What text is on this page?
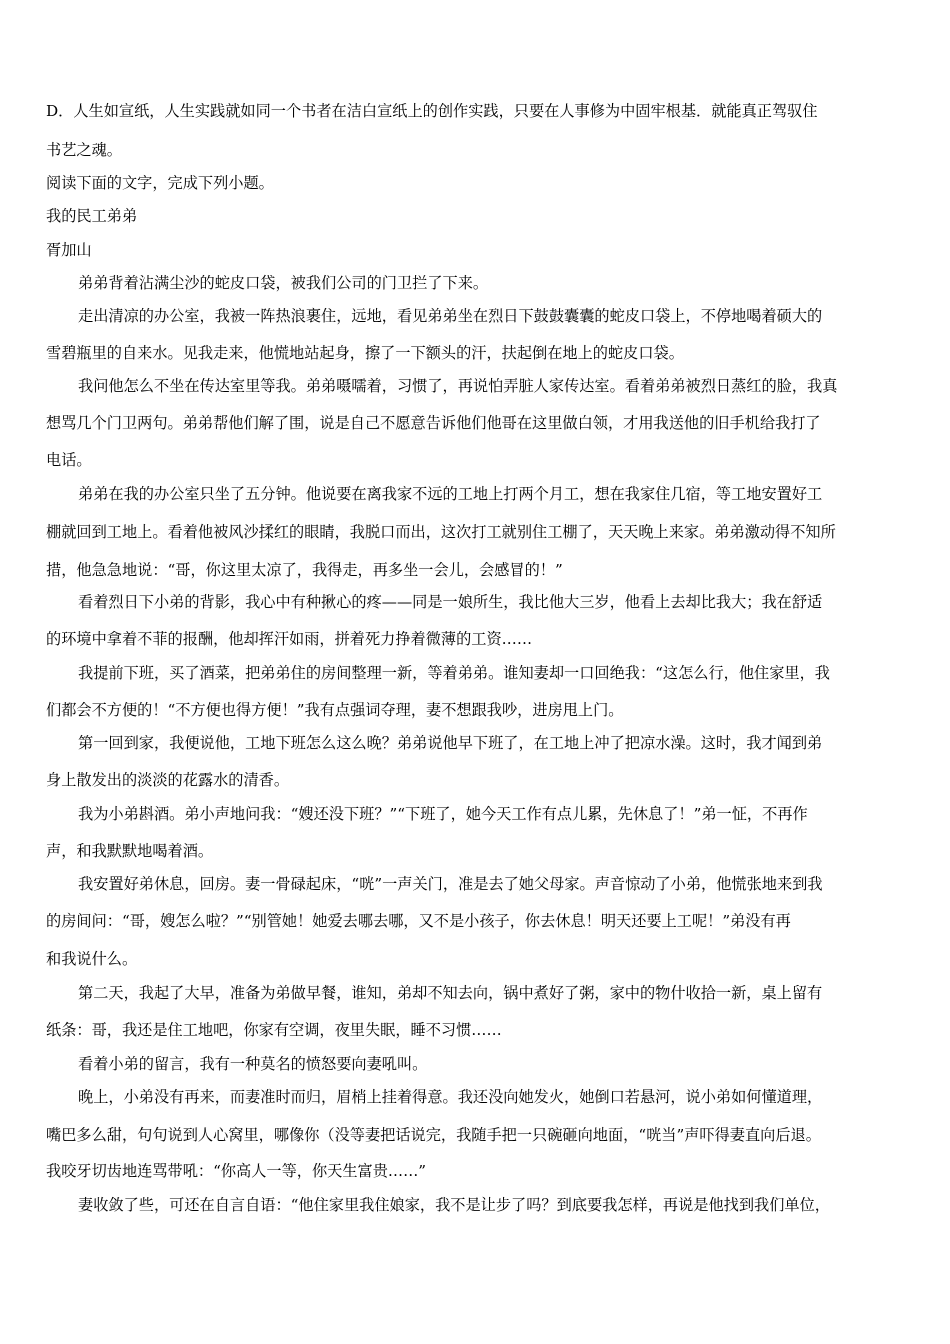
D．人生如宣纸，人生实践就如同一个书者在洁白宣纸上的创作实践，只要在人事修为中固牢根基．就能真正驾驭住
书艺之魂。
阅读下面的文字，完成下列小题。
我的民工弟弟
胥加山
弟弟背着沾满尘沙的蛇皮口袋，被我们公司的门卫拦了下来。
走出清凉的办公室，我被一阵热浪裹住，远地，看见弟弟坐在烈日下鼓鼓囊囊的蛇皮口袋上，不停地喝着硕大的
雪碧瓶里的自来水。见我走来，他慌地站起身，擦了一下额头的汗，扶起倒在地上的蛇皮口袋。
我问他怎么不坐在传达室里等我。弟弟嗫嚅着，习惯了，再说怕弄脏人家传达室。看着弟弟被烈日蒸红的脸，我真
想骂几个门卫两句。弟弟帮他们解了围，说是自己不愿意告诉他们他哥在这里做白领，才用我送他的旧手机给我打了
电话。
弟弟在我的办公室只坐了五分钟。他说要在离我家不远的工地上打两个月工，想在我家住几宿，等工地安置好工
棚就回到工地上。看着他被风沙揉红的眼睛，我脱口而出，这次打工就别住工棚了，天天晚上来家。弟弟激动得不知所
措，他急急地说：“哥，你这里太凉了，我得走，再多坐一会儿，会感冒的！”
看着烈日下小弟的背影，我心中有种揪心的疼——同是一娘所生，我比他大三岁，他看上去却比我大；我在舒适
的环境中拿着不菲的报酬，他却挥汗如雨，拼着死力挣着微薄的工资……
我提前下班，买了酒菜，把弟弟住的房间整理一新，等着弟弟。谁知妻却一口回绝我：“这怎么行，他住家里，我
们都会不方便的！“不方便也得方便！”我有点强词夺理，妻不想跟我吵，进房甩上门。
第一回到家，我便说他，工地下班怎么这么晚？弟弟说他早下班了，在工地上冲了把凉水澡。这时，我才闻到弟
身上散发出的淡淡的花露水的清香。
我为小弟斟酒。弟小声地问我：“嫂还没下班？”“下班了，她今天工作有点儿累，先休息了！”弟一怔，不再作
声，和我默默地喝着酒。
我安置好弟休息，回房。妻一骨碌起床，“咣”一声关门，准是去了她父母家。声音惊动了小弟，他慌张地来到我
的房间问：“哥，嫂怎么啦？”“别管她！她爱去哪去哪，又不是小孩子，你去休息！明天还要上工呢！”弟没有再
和我说什么。
第二天，我起了大早，准备为弟做早餐，谁知，弟却不知去向，锅中煮好了粥，家中的物什收拾一新，桌上留有
纸条：哥，我还是住工地吧，你家有空调，夜里失眠，睡不习惯……
看着小弟的留言，我有一种莫名的愤怒要向妻吼叫。
晚上，小弟没有再来，而妻准时而归，眉梢上挂着得意。我还没向她发火，她倒口若悬河，说小弟如何懂道理，
嘴巴多么甜，句句说到人心窝里，哪像你（没等妻把话说完，我随手把一只碗砸向地面，“咣当”声吓得妻直向后退。
我咬牙切齿地连骂带吼：“你高人一等，你天生富贵……”
妻收敛了些，可还在自言自语：“他住家里我住娘家，我不是让步了吗？到底要我怎样，再说是他找到我们单位，
